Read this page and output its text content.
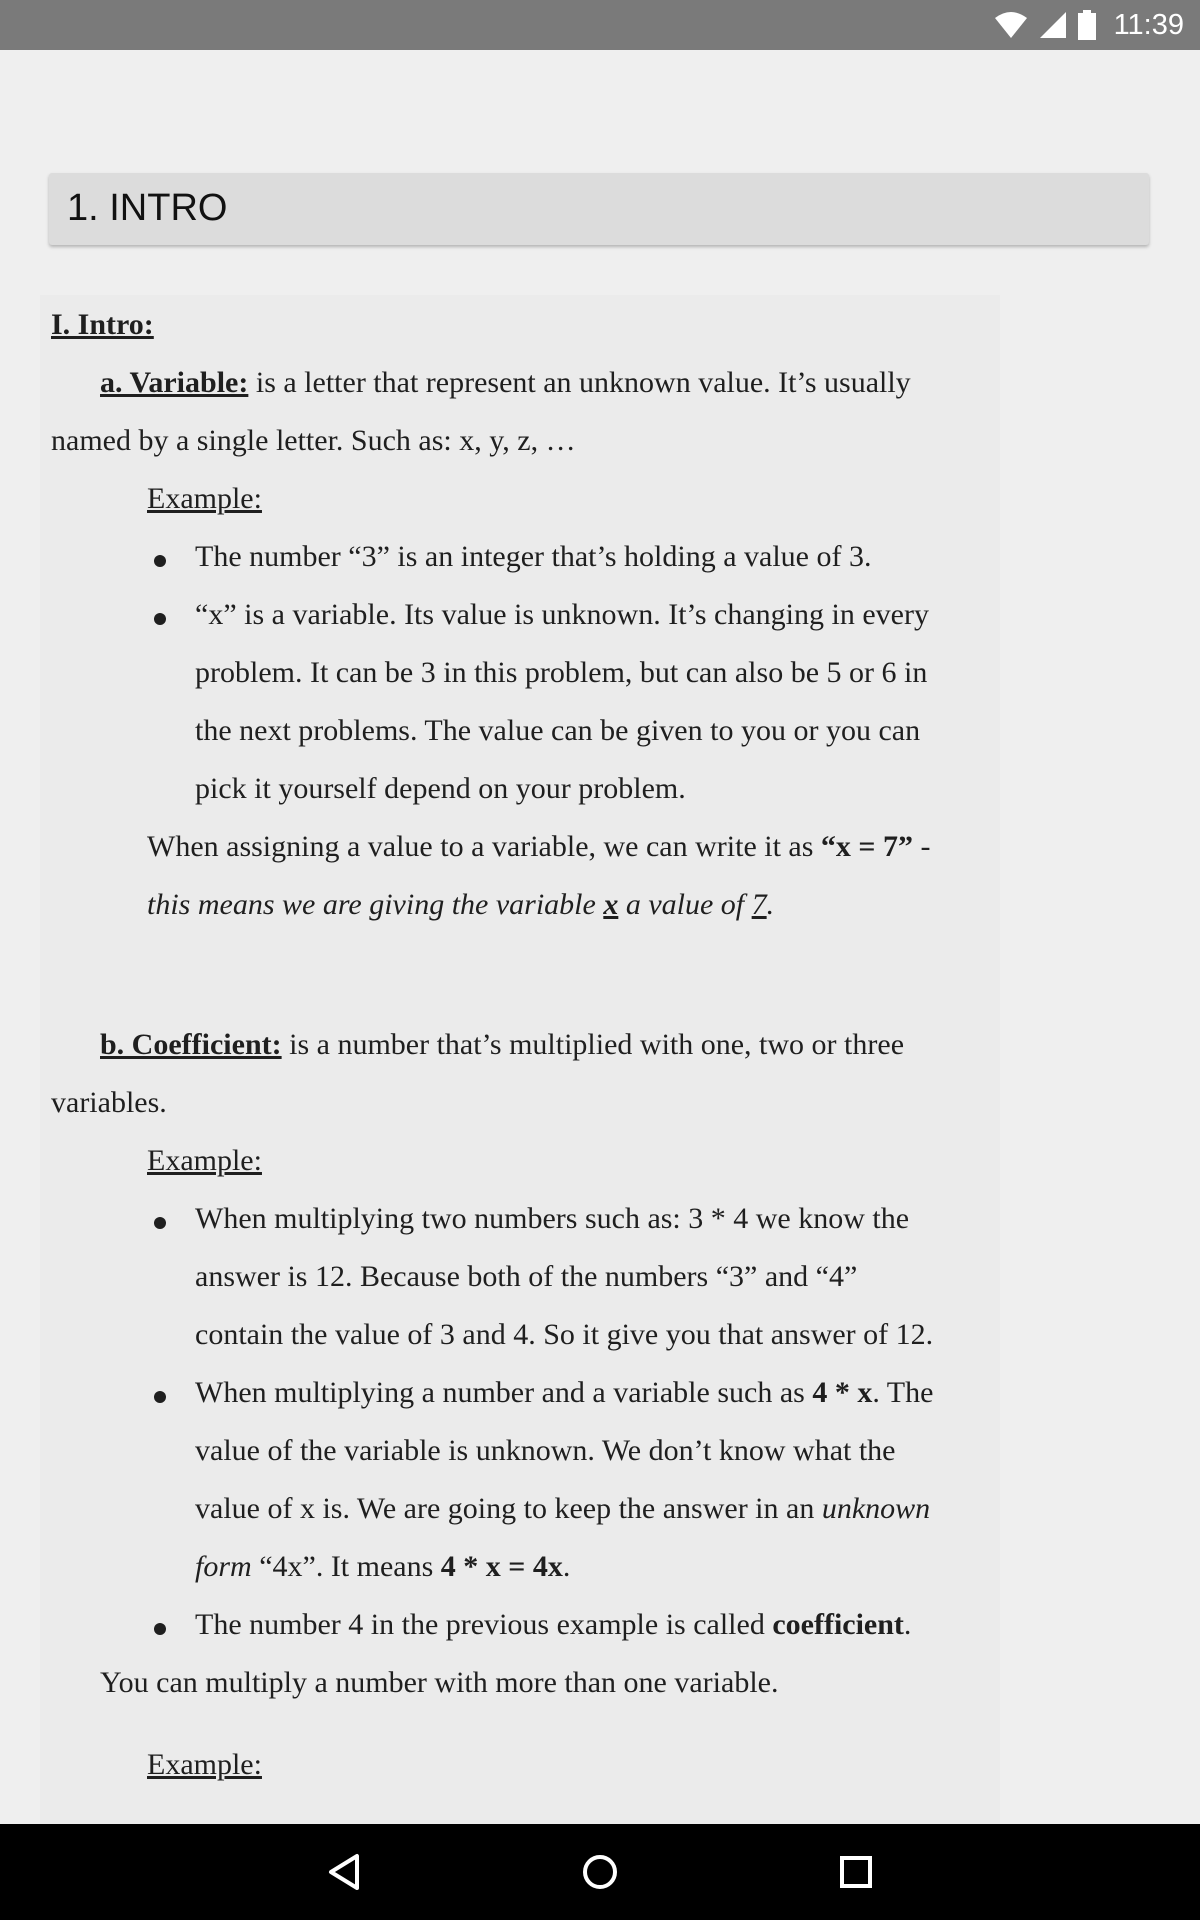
11:39
1. INTRO
I. Intro:
a. Variable: is a letter that represent an unknown value. It’s usually
named by a single letter. Such as: x, y, z, …
Example:
The number “3” is an integer that’s holding a value of 3.
“x” is a variable. Its value is unknown. It’s changing in every
problem. It can be 3 in this problem, but can also be 5 or 6 in
the next problems. The value can be given to you or you can
pick it yourself depend on your problem.
When assigning a value to a variable, we can write it as “x = 7” -
this means we are giving the variable x a value of 7.
b. Coefficient: is a number that’s multiplied with one, two or three
variables.
Example:
When multiplying two numbers such as: 3 * 4 we know the
answer is 12. Because both of the numbers “3” and “4”
contain the value of 3 and 4. So it give you that answer of 12.
When multiplying a number and a variable such as 4 * x. The
value of the variable is unknown. We don’t know what the
value of x is. We are going to keep the answer in an unknown
form “4x”. It means 4 * x = 4x.
The number 4 in the previous example is called coefficient.
You can multiply a number with more than one variable.
Example:
